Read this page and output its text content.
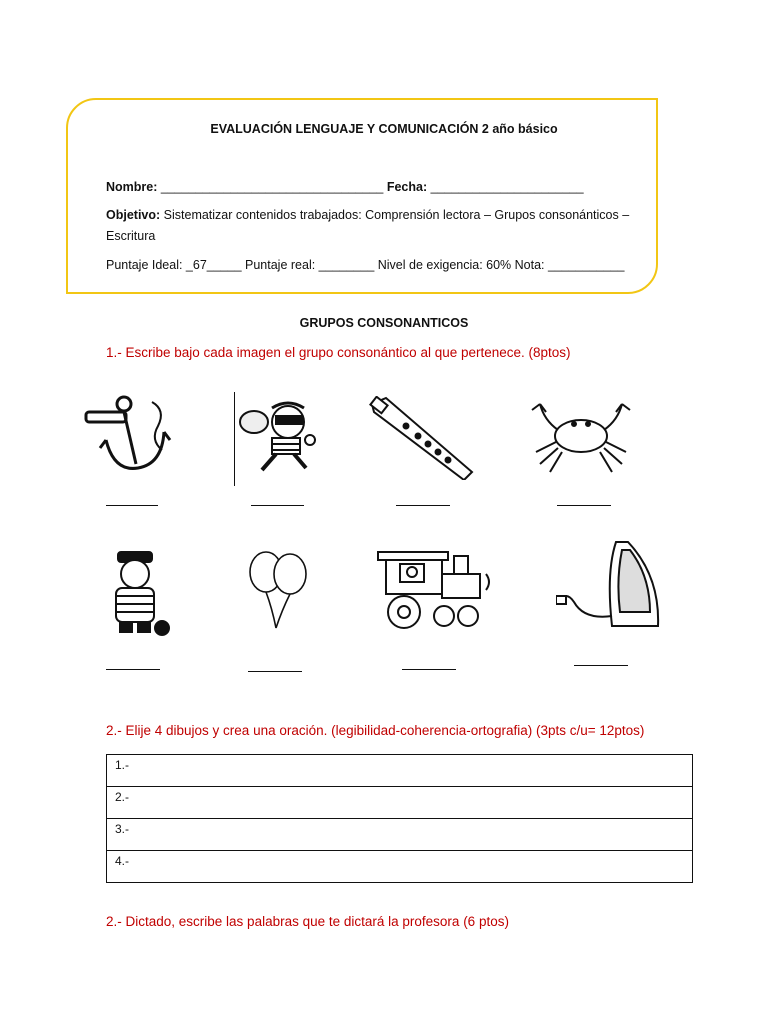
EVALUACIÓN LENGUAJE Y COMUNICACIÓN 2 año básico
Nombre: ________________________________ Fecha: ______________________
Objetivo: Sistematizar contenidos trabajados: Comprensión lectora – Grupos consonánticos –
Escritura
Puntaje Ideal: _67_____ Puntaje real: ________ Nivel de exigencia: 60% Nota: ___________
GRUPOS CONSONANTICOS
1.- Escribe bajo cada imagen el grupo consonántico al que pertenece. (8ptos)
2.- Elije 4 dibujos y crea una oración. (legibilidad-coherencia-ortografia) (3pts c/u= 12ptos)
1.-
2.-
3.-
4.-
2.- Dictado, escribe las palabras que te dictará la profesora (6 ptos)
